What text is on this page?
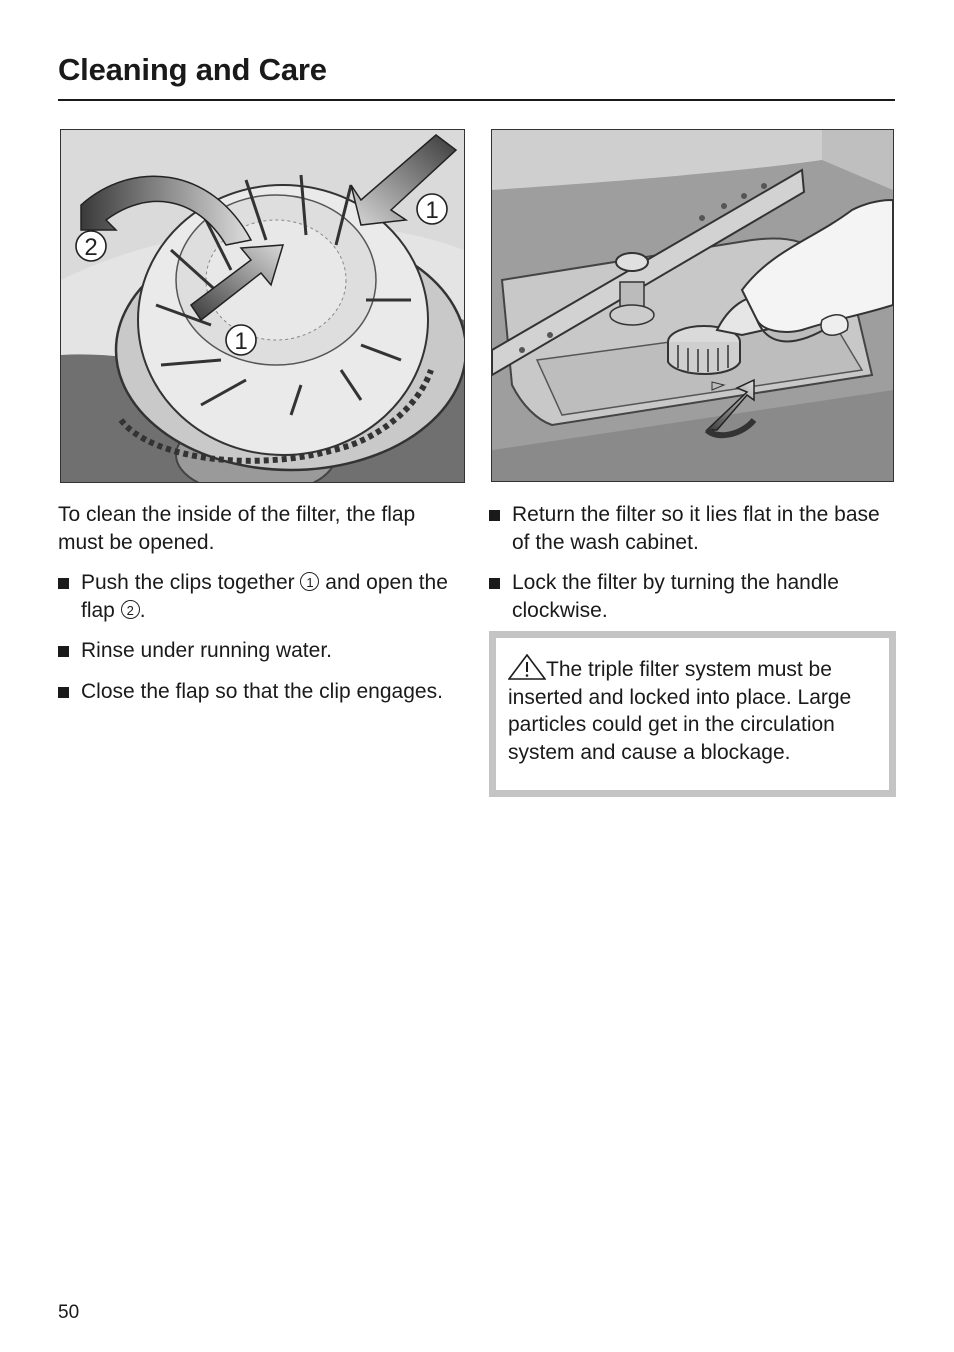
Cleaning and Care
2
1
1

To clean the inside of the filter, the flap must be opened.

Push the clips together 1 and open the flap 2 .
Rinse under running water.
Close the flap so that the clip engages.
Return the filter so it lies flat in the base of the wash cabinet.
Lock the filter by turning the handle clockwise.
The triple filter system must be inserted and locked into place. Large particles could get in the circulation system and cause a blockage.
50
